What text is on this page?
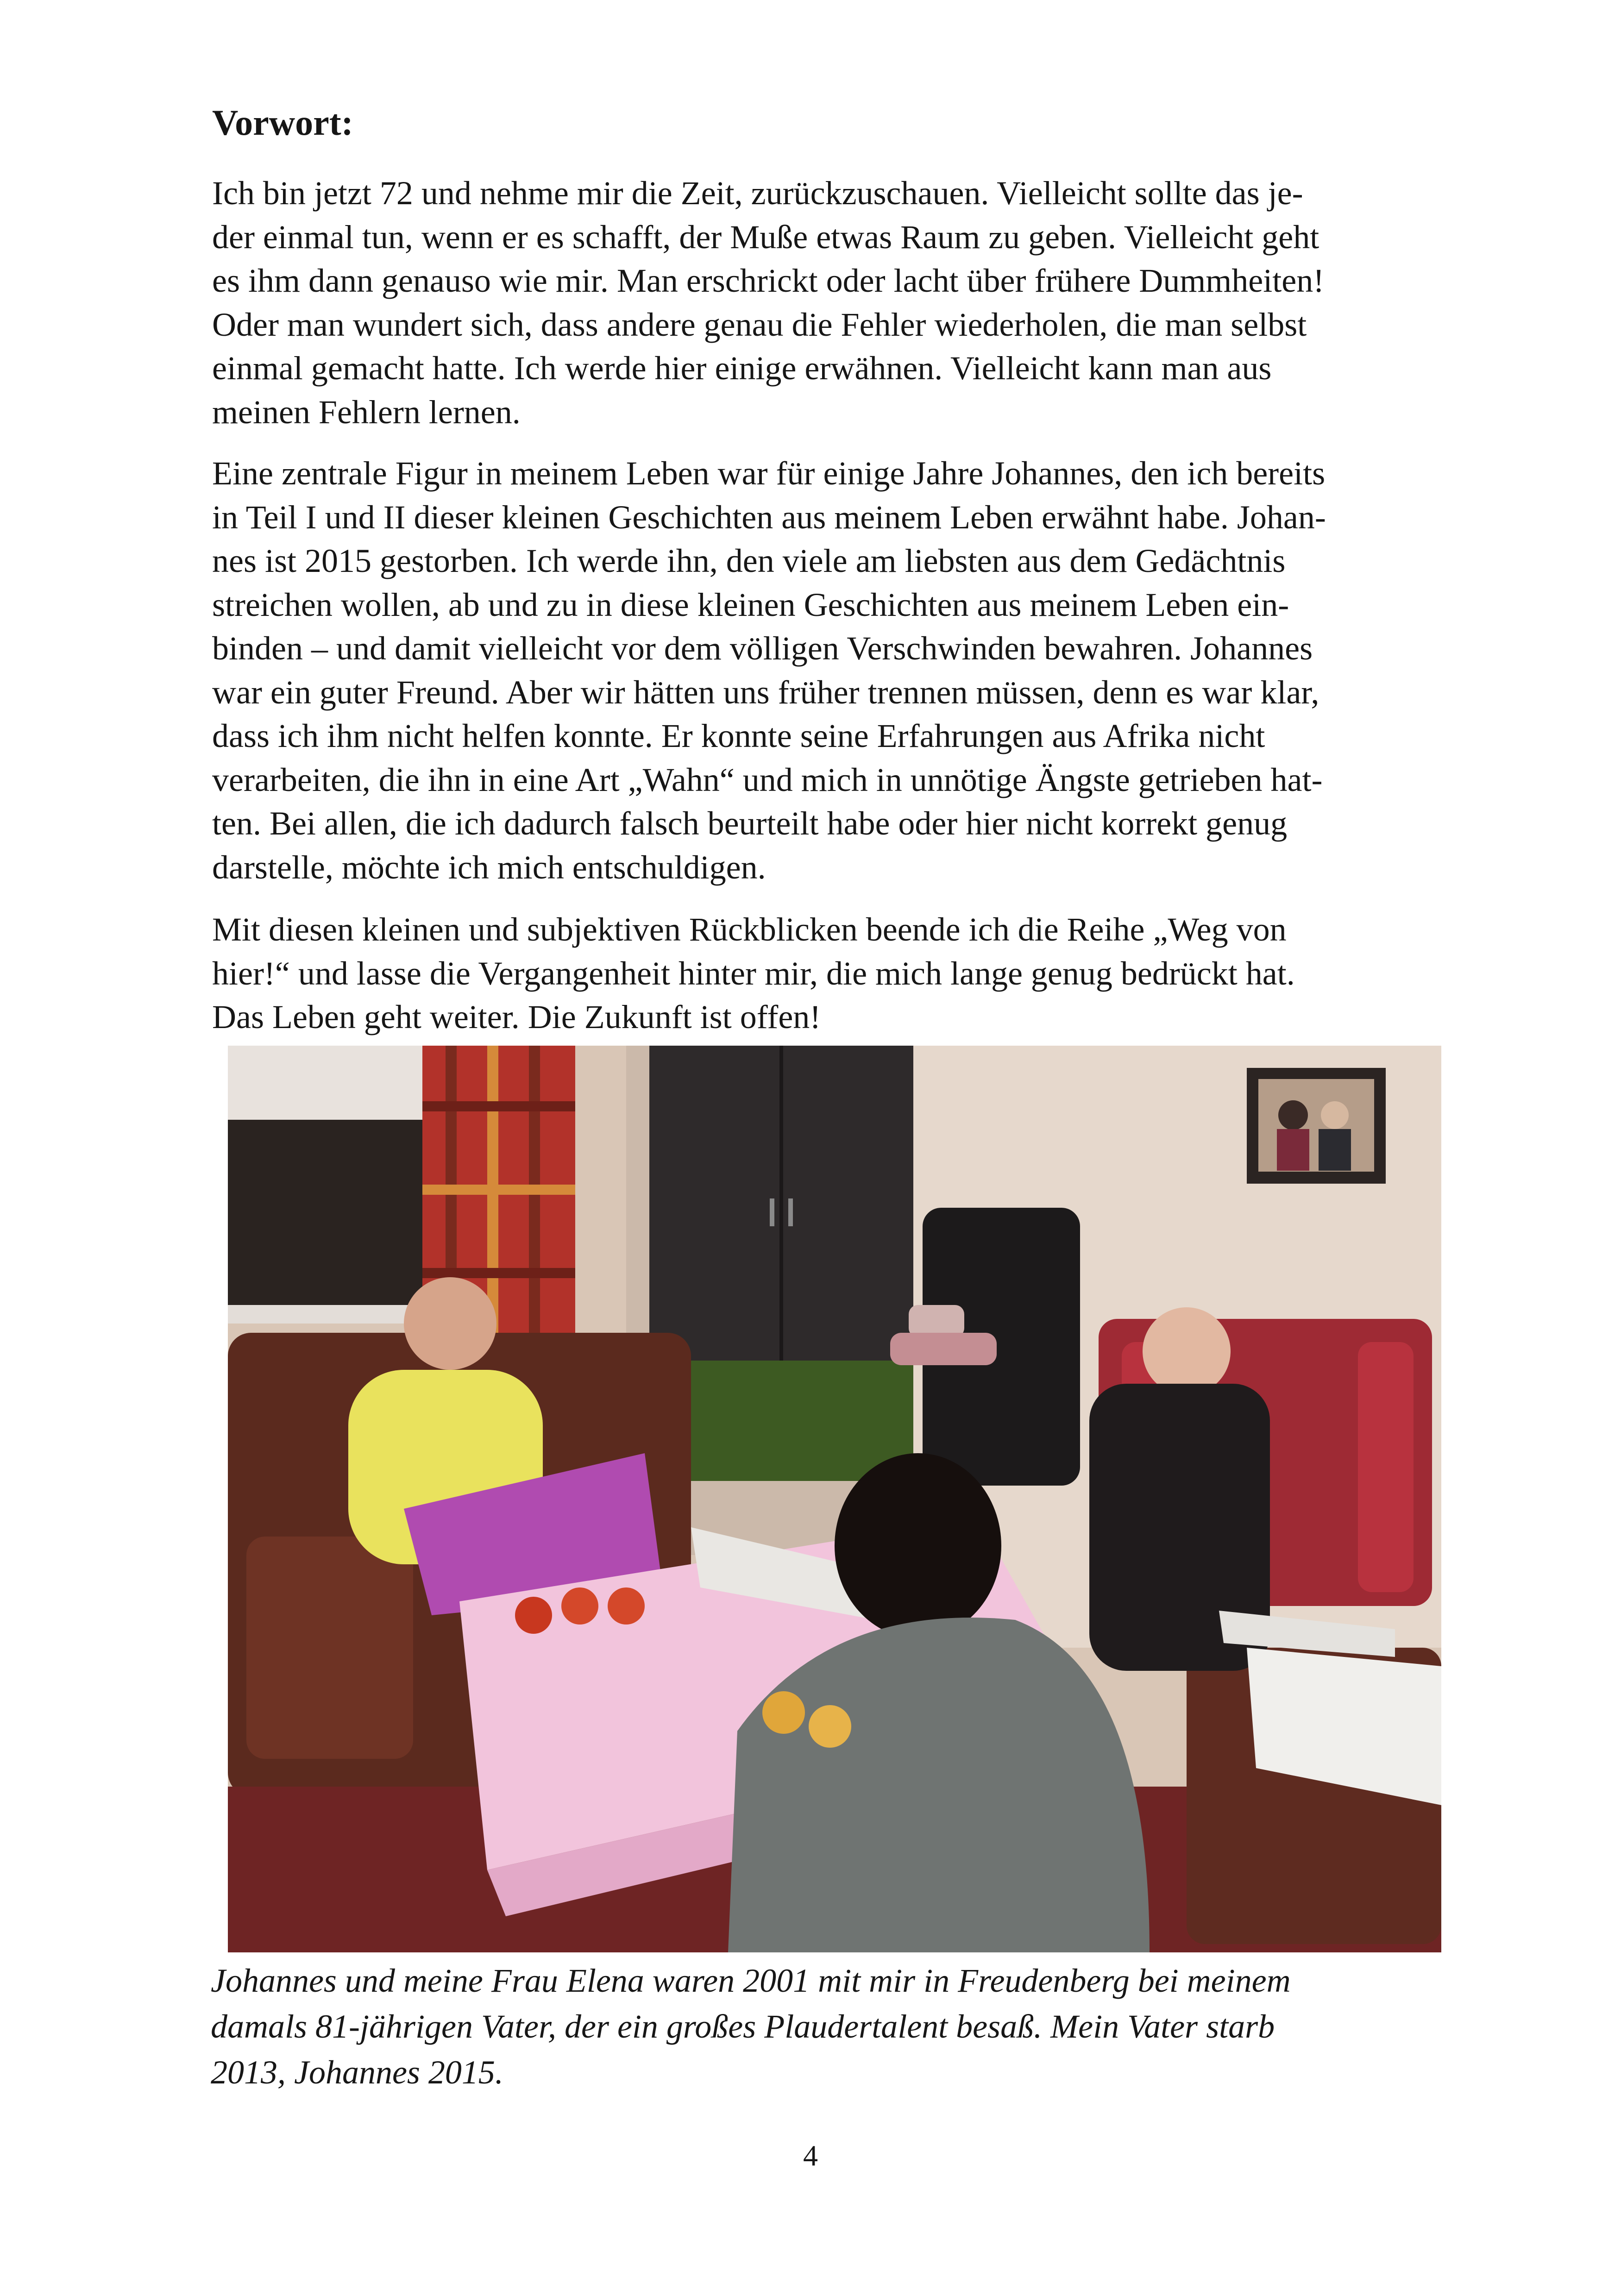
Vorwort:

Ich bin jetzt 72 und nehme mir die Zeit, zurückzuschauen. Vielleicht sollte das je-
der einmal tun, wenn er es schafft, der Muße etwas Raum zu geben. Vielleicht geht
es ihm dann genauso wie mir. Man erschrickt oder lacht über frühere Dummheiten!
Oder man wundert sich, dass andere genau die Fehler wiederholen, die man selbst
einmal gemacht hatte. Ich werde hier einige erwähnen. Vielleicht kann man aus
meinen Fehlern lernen.

Eine zentrale Figur in meinem Leben war für einige Jahre Johannes, den ich bereits
in Teil I und II dieser kleinen Geschichten aus meinem Leben erwähnt habe. Johan-
nes ist 2015 gestorben. Ich werde ihn, den viele am liebsten aus dem Gedächtnis
streichen wollen, ab und zu in diese kleinen Geschichten aus meinem Leben ein-
binden – und damit vielleicht vor dem völligen Verschwinden bewahren. Johannes
war ein guter Freund. Aber wir hätten uns früher trennen müssen, denn es war klar,
dass ich ihm nicht helfen konnte. Er konnte seine Erfahrungen aus Afrika nicht
verarbeiten, die ihn in eine Art „Wahn“ und mich in unnötige Ängste getrieben hat-
ten. Bei allen, die ich dadurch falsch beurteilt habe oder hier nicht korrekt genug
darstelle, möchte ich mich entschuldigen.

Mit diesen kleinen und subjektiven Rückblicken beende ich die Reihe „Weg von
hier!“ und lasse die Vergangenheit hinter mir, die mich lange genug bedrückt hat.
Das Leben geht weiter. Die Zukunft ist offen!

Johannes und meine Frau Elena waren 2001 mit mir in Freudenberg bei meinem
damals 81-jährigen Vater, der ein großes Plaudertalent besaß. Mein Vater starb
2013, Johannes 2015.

4
